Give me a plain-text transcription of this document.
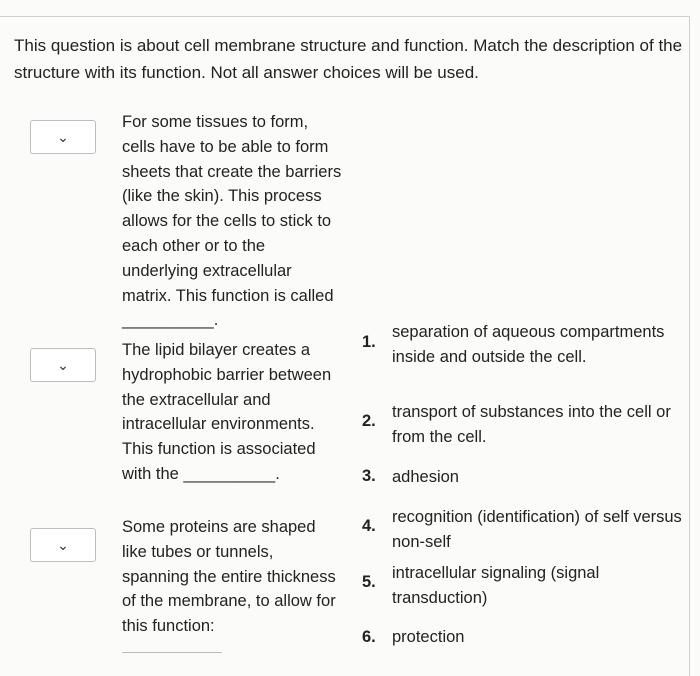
This question is about cell membrane structure and function. Match the description of the structure with its function. Not all answer choices will be used.
⌄
For some tissues to form, cells have to be able to form sheets that create the barriers (like the skin). This process allows for the cells to stick to each other or to the underlying extracellular matrix. This function is called __________.
⌄
The lipid bilayer creates a hydrophobic barrier between the extracellular and intracellular environments. This function is associated with the __________.
⌄
Some proteins are shaped like tubes or tunnels, spanning the entire thickness of the membrane, to allow for this function:
1.
separation of aqueous compartments inside and outside the cell.
2. transport of substances into the cell or from the cell.
3. adhesion
4. recognition (identification) of self versus non-self
5. intracellular signaling (signal transduction)
6. protection
